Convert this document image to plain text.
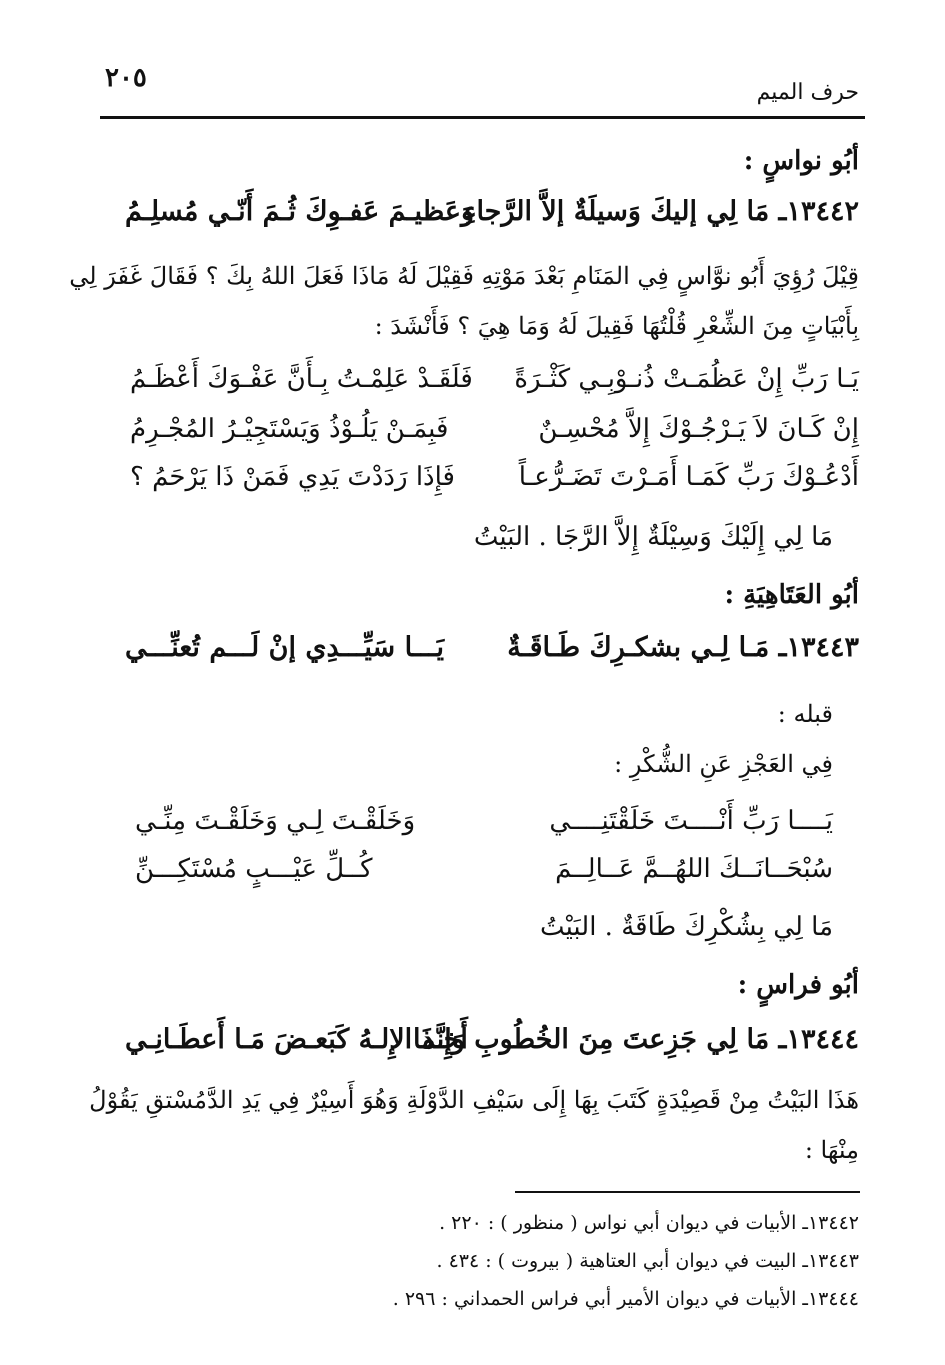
حرف الميم
٢٠٥
أبُو نواسٍ :
١٣٤٤٢ـ مَا لِي إليكَ وَسيلَةٌ إلاَّ الرَّجاءِ
وَعَظيـمَ عَفـوِكَ ثُـمَ أَنّـي مُسلِـمُ
قِيْلَ رُؤِيَ أَبُو نوَّاسٍ فِي المَنَامِ بَعْدَ مَوْتِهِ فَقِيْلَ لَهُ مَاذَا فَعَلَ اللهُ بِكَ ؟ فَقَالَ غَفَرَ لِي
بِأَبْيَاتٍ مِنَ الشِّعْرِ قُلْتُهَا فَقِيلَ لَهُ وَمَا هِيَ ؟ فَأَنْشَدَ :
يَـا رَبِّ إِنْ عَظُمَـتْ ذُنـوْبِـي كَثْـرَةً
فَلَقَـدْ عَلِمْـتُ بِـأَنَّ عَفْـوَكَ أَعْظَـمُ
إِنْ كَـانَ لاَ يَـرْجُـوْكَ إِلاَّ مُحْسِـنٌ
فَبِمَـنْ يَلُـوْذُ وَيَسْتَجِيْـرُ المُجْـرِمُ
أَدْعُـوْكَ رَبِّ كَمَـا أَمَـرْتَ تَضَـرُّعـاً
فَإِذَا رَدَدْتَ يَدِي فَمَنْ ذَا يَرْحَمُ ؟
مَا لِي إِلَيْكَ وَسِيْلَةٌ إِلاَّ الرَّجَا . البَيْتُ
أبُو العَتَاهِيَةِ :
١٣٤٤٣ـ مَـا لِـي بشكـرِكَ طَـاقَـةٌ
يَـــا سَيِّـــدِي إنْ لَـــم تُعنِّـــي
قبله :
فِي العَجْزِ عَنِ الشُّكْرِ :
يَــــا رَبِّ أَنْــــتَ خَلَقْتَنِــــي
وَخَلَقْـتَ لِـي وَخَلَقْـتَ مِنِّـي
سُبْحَــانَــكَ اللهُــمَّ عَــالِــمَ
كُــلِّ عَيْـــبٍ مُسْتَكِـــنِّ
مَا لِي بِشُكْرِكَ طَاقَةٌ . البَيْتُ
أبُو فراسٍ :
١٣٤٤٤ـ مَا لِي جَزِعتَ مِنَ الخُطُوبِ وَإِنَّما
أَخـذَ الإِلـهُ كَبَعـضَ مَـا أَعطَـانِـي
هَذَا البَيْتُ مِنْ قَصِيْدَةٍ كَتَبَ بِهَا إِلَى سَيْفِ الدَّوْلَةِ وَهُوَ أَسِيْرٌ فِي يَدِ الدَّمُسْتقِ يَقُوْلُ
مِنْهَا :
١٣٤٤٢ـ الأبيات في ديوان أبي نواس ( منظور ) : ٢٢٠ .
١٣٤٤٣ـ البيت في ديوان أبي العتاهية ( بيروت ) : ٤٣٤ .
١٣٤٤٤ـ الأبيات في ديوان الأمير أبي فراس الحمداني : ٢٩٦ .
